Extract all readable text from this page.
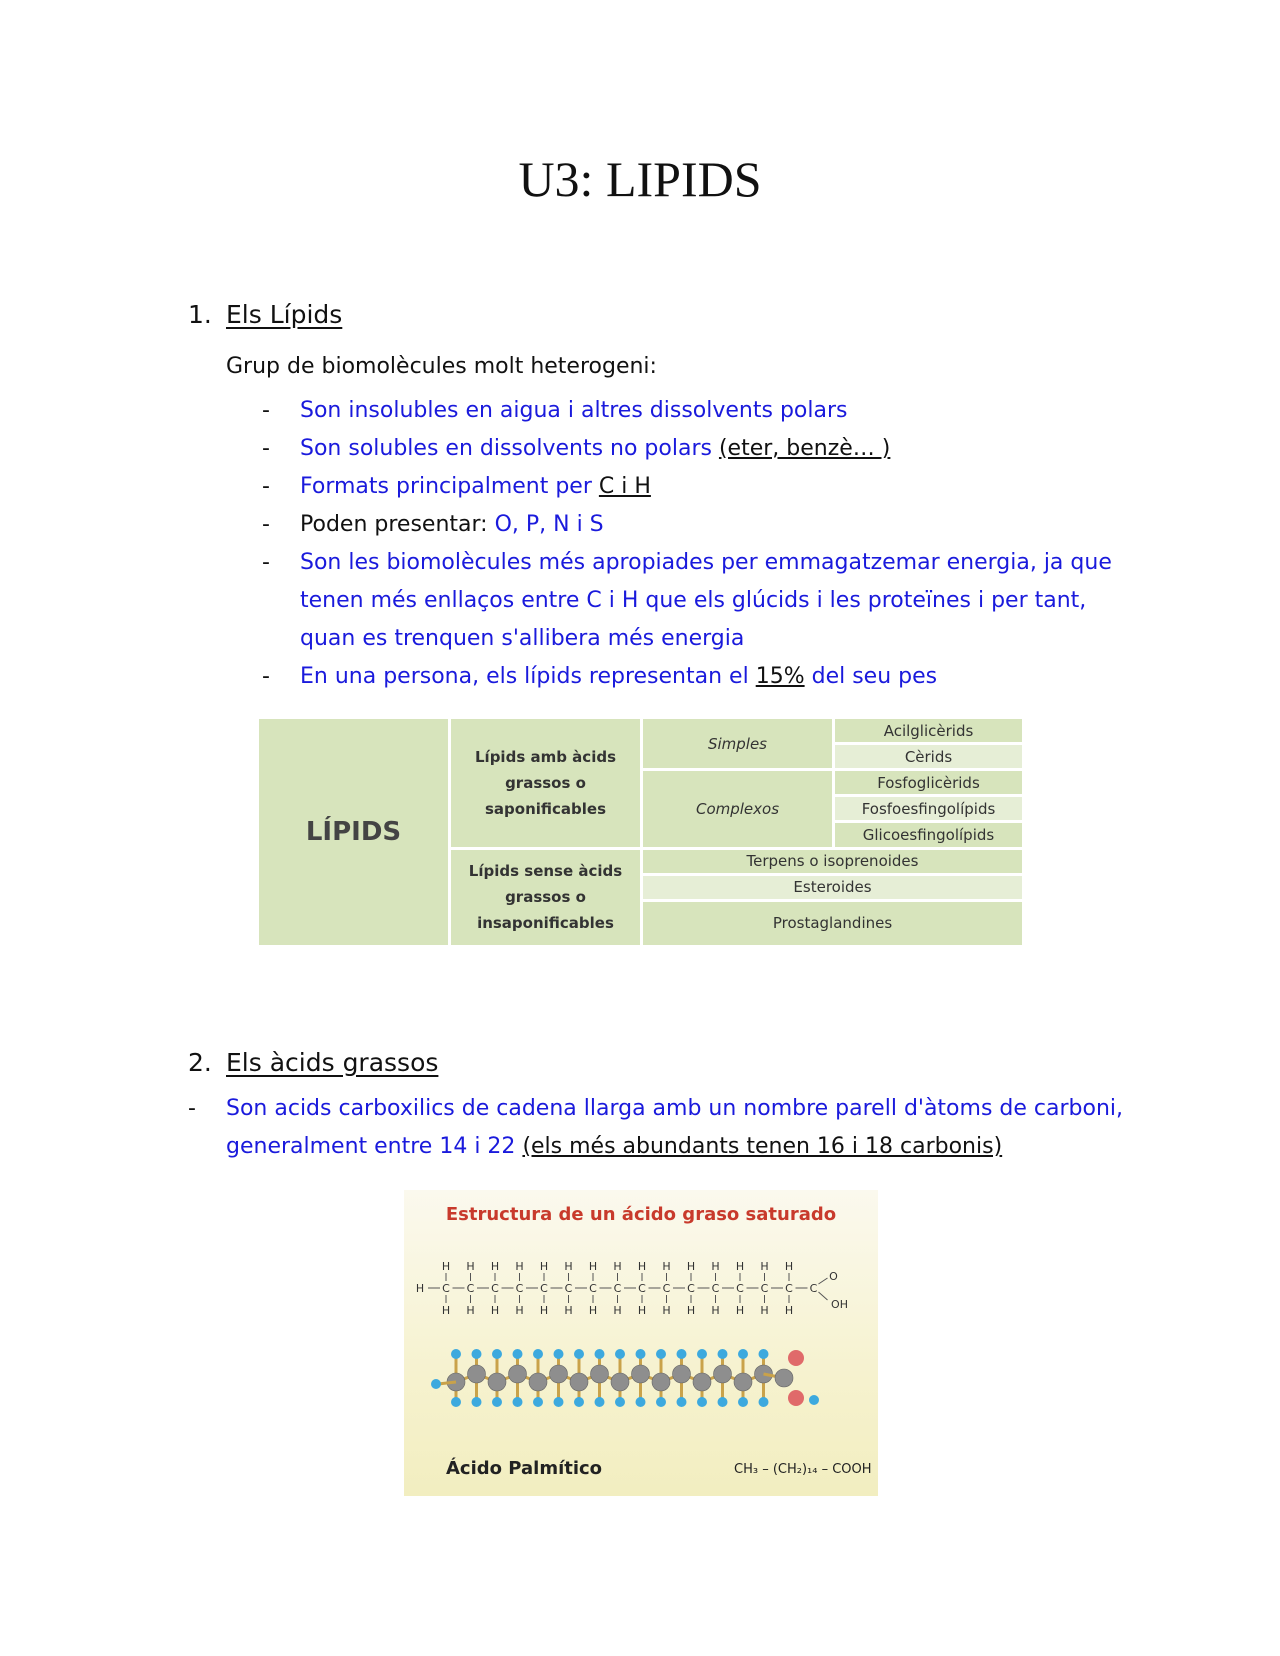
U3: LIPIDS
1. Els Lípids
Grup de biomolècules molt heterogeni:
- Son insolubles en aigua i altres dissolvents polars
- Son solubles en dissolvents no polars (eter, benzè… )
- Formats principalment per C i H
- Poden presentar: O, P, N i S
- Son les biomolècules més apropiades per emmagatzemar energia, ja que tenen més enllaços entre C i H que els glúcids i les proteïnes i per tant, quan es trenquen s'allibera més energia
- En una persona, els lípids representan el 15% del seu pes
LÍPIDS	Lípids amb àcids grassos o saponificables	Simples	Acilglicèrids
			Cèrids
		Complexos	Fosfoglicèrids
			Fosfoesfingolípids
			Glicoesfingolípids
	Lípids sense àcids grassos o insaponificables	Terpens o isoprenoides	
		Esteroides	
		Prostaglandines	
2. Els àcids grassos
- Son acids carboxilics de cadena llarga amb un nombre parell d'àtoms de carboni, generalment entre 14 i 22 (els més abundants tenen 16 i 18 carbonis)
Estructura de un ácido graso saturado
H
H
C
H
H
C
H
H
C
H
H
C
H
H
C
H
H
C
H
H
C
H
H
C
H
H
C
H
H
C
H
H
C
H
H
C
H
H
C
H
H
C
H
H
C
H
C
O
OH
Ácido Palmítico	CH₃ – (CH₂)₁₄ – COOH
